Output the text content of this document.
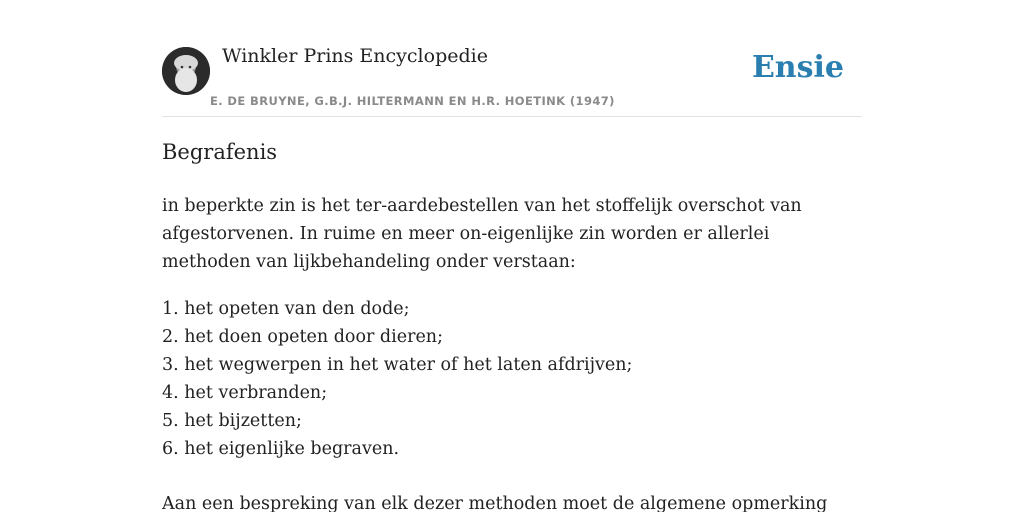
Winkler Prins Encyclopedie
E. DE BRUYNE, G.B.J. HILTERMANN EN H.R. HOETINK (1947)
Ensie
Begrafenis

in beperkte zin is het ter-aardebestellen van het stoffelijk overschot van afgestorvenen. In ruime en meer on-eigenlijke zin worden er allerlei methoden van lijkbehandeling onder verstaan:

1. het opeten van den dode;
2. het doen opeten door dieren;
3. het wegwerpen in het water of het laten afdrijven;
4. het verbranden;
5. het bijzetten;
6. het eigenlijke begraven.

Aan een bespreking van elk dezer methoden moet de algemene opmerking
